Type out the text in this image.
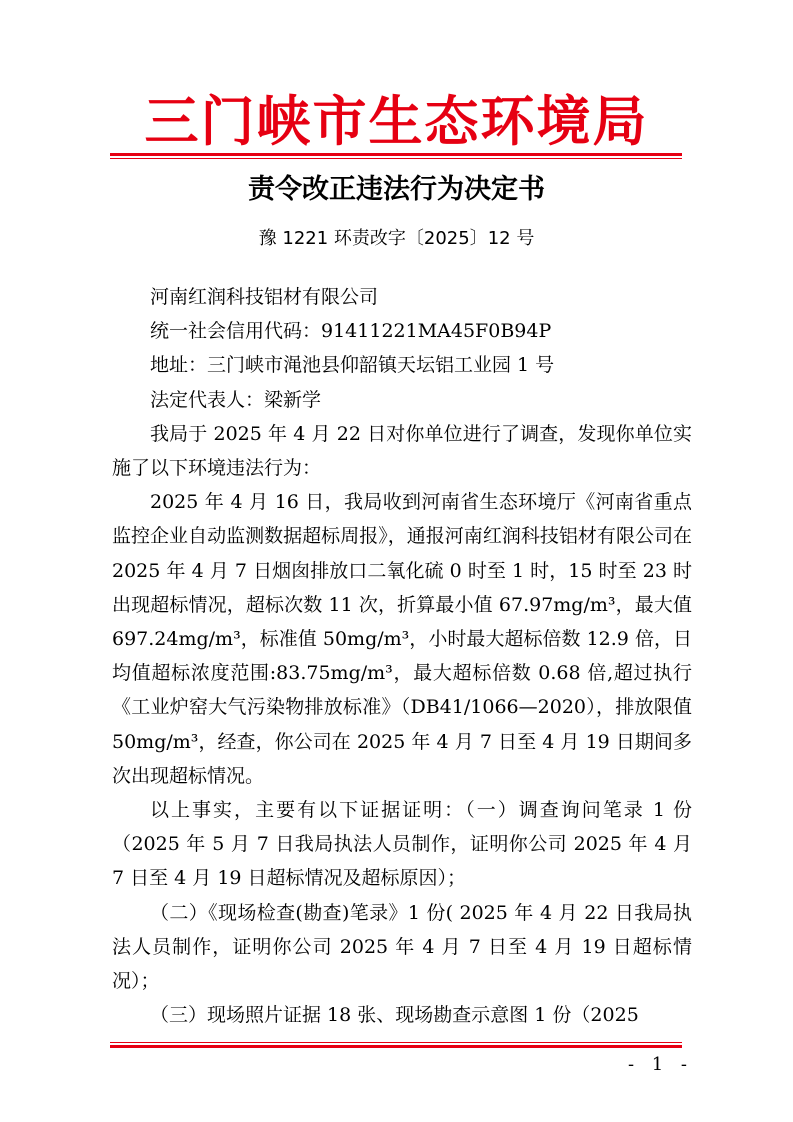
三门峡市生态环境局
责令改正违法行为决定书
豫 1221 环责改字〔2025〕12 号

河南红润科技铝材有限公司

统一社会信用代码：91411221MA45F0B94P

地址：三门峡市渑池县仰韶镇天坛铝工业园 1 号

法定代表人：梁新学

我局于 2025 年 4 月 22 日对你单位进行了调查，发现你单位实施了以下环境违法行为：

2025 年 4 月 16 日，我局收到河南省生态环境厅《河南省重点监控企业自动监测数据超标周报》，通报河南红润科技铝材有限公司在 2025 年 4 月 7 日烟囱排放口二氧化硫 0 时至 1 时，15 时至 23 时出现超标情况，超标次数 11 次，折算最小值 67.97mg/m³，最大值 697.24mg/m³，标准值 50mg/m³，小时最大超标倍数 12.9 倍，日均值超标浓度范围:83.75mg/m³，最大超标倍数 0.68 倍,超过执行《工业炉窑大气污染物排放标准》（DB41/1066—2020），排放限值 50mg/m³，经查，你公司在 2025 年 4 月 7 日至 4 月 19 日期间多次出现超标情况。

以上事实，主要有以下证据证明：（一）调查询问笔录 1 份（2025 年 5 月 7 日我局执法人员制作，证明你公司 2025 年 4 月 7 日至 4 月 19 日超标情况及超标原因）；

（二）《现场检查(勘查)笔录》1 份( 2025 年 4 月 22 日我局执法人员制作，证明你公司 2025 年 4 月 7 日至 4 月 19 日超标情况）；

（三）现场照片证据 18 张、现场勘查示意图 1 份（2025

- 1 -
